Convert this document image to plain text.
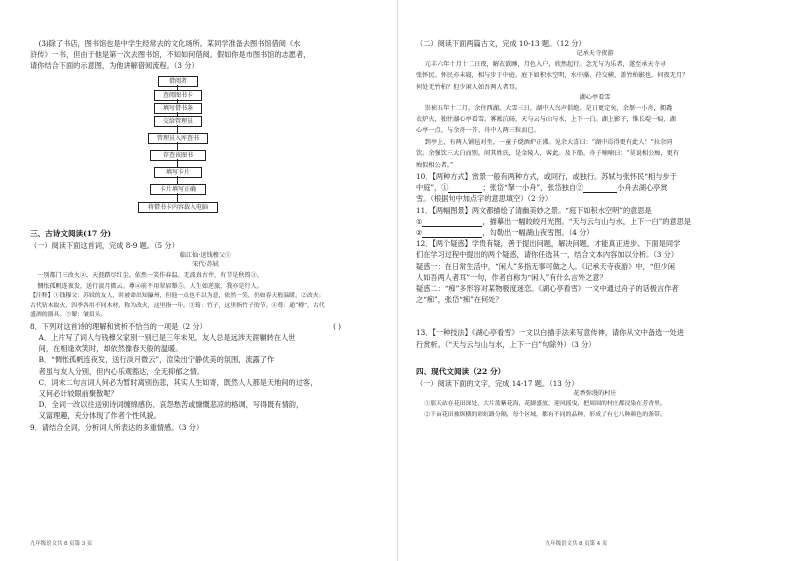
(3)除了书店，图书馆也是中学生经常去的文化场所。某同学准备去图书馆借阅《水

浒传》一书，但由于他是第一次去图书馆，不知如何借阅。假如你是市图书馆的志愿者，

请你结合下面的示意图，为他讲解借阅流程。（3 分）

借阅者
查阅图书卡
填写借书条
交给管理员
管理员入库查书
存查该图书
填写卡片
卡片填写正确
将借书卡内容载入电脑

三、古诗文阅读(17 分)

（一）阅读下面这首词，完成 8-9 题。（5 分）

临江仙·送钱穆父①

宋代·苏轼

一别都门三改火②，天涯踏尽红尘。依然一笑作春温。无波真古井，有节是秋筠③。

惆怅孤帆连夜发，送行淡月微云。尊④前不用翠眉颦⑤。人生如逆旅，我亦是行人。

【注释】①钱穆父：苏轼的友人，时被命出知瀛州，但他一点也不以为意，依然一笑，仍如春天般温暖。②改火：

古代钻木取火，四季各用不同木材，称为改火，这里指一年。③筠：竹子，这里指竹子的节。④尊：通“樽”，古代

盛酒的器具。⑤颦：皱眉头。

8．下列对这首诗的理解和赏析不恰当的一项是（2 分）	( )

A．上片写了词人与钱穆父家别一别已是三年未见，友人总是远涉天涯辗转在人世

间，在相逢欢笑时，却依然像春天般的温暖。

B．“惆怅孤帆连夜发，送行淡月微云”，渲染出宁静优美的氛围，流露了作

者虽与友人分别，但内心乐观豁达，全无抑郁之情。

C．词末二句言词人何必为暂时离别伤悲，其实人生如寄，既然人人都是天地间的过客，

又何必计较眼前聚散呢？

D．全词一改以往送别诗词缠绵感伤、哀怨愁苦或慷慨悲凉的格调，写得既有情韵，

又富理趣，充分体现了作者个性风貌。

9．请结合全词，分析词人所表达的多重情感。（3 分）

九年级语文共 8 页第 3 页

（二）阅读下面两篇古文，完成 10-13 题。（12 分）

记承天寺夜游

元丰六年十月十二日夜，解衣欲睡，月色入户，欣然起行。念无与为乐者，遂至承天寺寻

张怀民。怀民亦未寝，相与步于中庭。庭下如积水空明，水中藻、荇交横，盖竹柏影也。何夜无月？

何处无竹柏？但少闲人如吾两人者耳。

湖心亭看雪

崇祯五年十二月，余住西湖。大雪三日，湖中人鸟声俱绝。是日更定矣，余拏一小舟，拥毳

衣炉火，独往湖心亭看雪。雾凇沆砀，天与云与山与水，上下一白。湖上影子，惟长堤一痕、湖

心亭一点、与余舟一芥、舟中人两三粒而已。

到亭上，有两人铺毡对坐，一童子烧酒炉正沸。见余大喜曰：“湖中焉得更有此人！”拉余同

饮。余强饮三大白而别。问其姓氏，是金陵人，客此。及下船，舟子喃喃曰：“莫说相公痴，更有

痴似相公者。”

10．【两种方式】赏景一般有两种方式，或同行，或独行。苏轼与张怀民“相与步于

中庭”，①	；张岱“拏一小舟”，张岱独自②	小舟去湖心亭赏

雪。（根据句中加点字的意思填空）（2 分）

11．【两幅图景】两文都描绘了清幽美妙之景。“庭下如积水空明”的意思是

①	，描摹出一幅皎皎月光图。“天与云与山与水，上下一白”的意思是

②	，勾勒出一幅湖山夜雪图。（4 分）

12．【两个疑惑】学贵有疑，善于提出问题，解决问题，才能真正进步。下面是同学

们在学习过程中提出的两个疑惑，请你任选其一，结合文本内容加以分析。（3 分）

疑惑一：在日常生活中，“闲人”多指无事可做之人。《记承天寺夜游》中，“但少闲

人如吾两人者耳”一句，作者自称为“闲人”有什么言外之意？

疑惑二：“痴”多形容对某物极度迷恋。《湖心亭看雪》一文中通过舟子的话极言作者

之“痴”，张岱“痴”在何处？

13．【一种技法】《湖心亭看雪》一文以白描手法来写意传神，请你从文中备选一处进

行赏析。（“天与云与山与水，上下一白”句除外）（3 分）

四、现代文阅读（22 分）

（一）阅读下面的文字，完成 14-17 题。（13 分）

花香弥漫的村庄

①那天站在花田深处，大片蓝紫花海，花脚盛放，迎风摇曳，把周围的村庄都浸染在芳香里。

②千亩花田被纵横的彩虹路分隔，每个区域，都有不同的品种，形成了有七八种颜色的条带。

九年级语文共 8 页第 4 页
